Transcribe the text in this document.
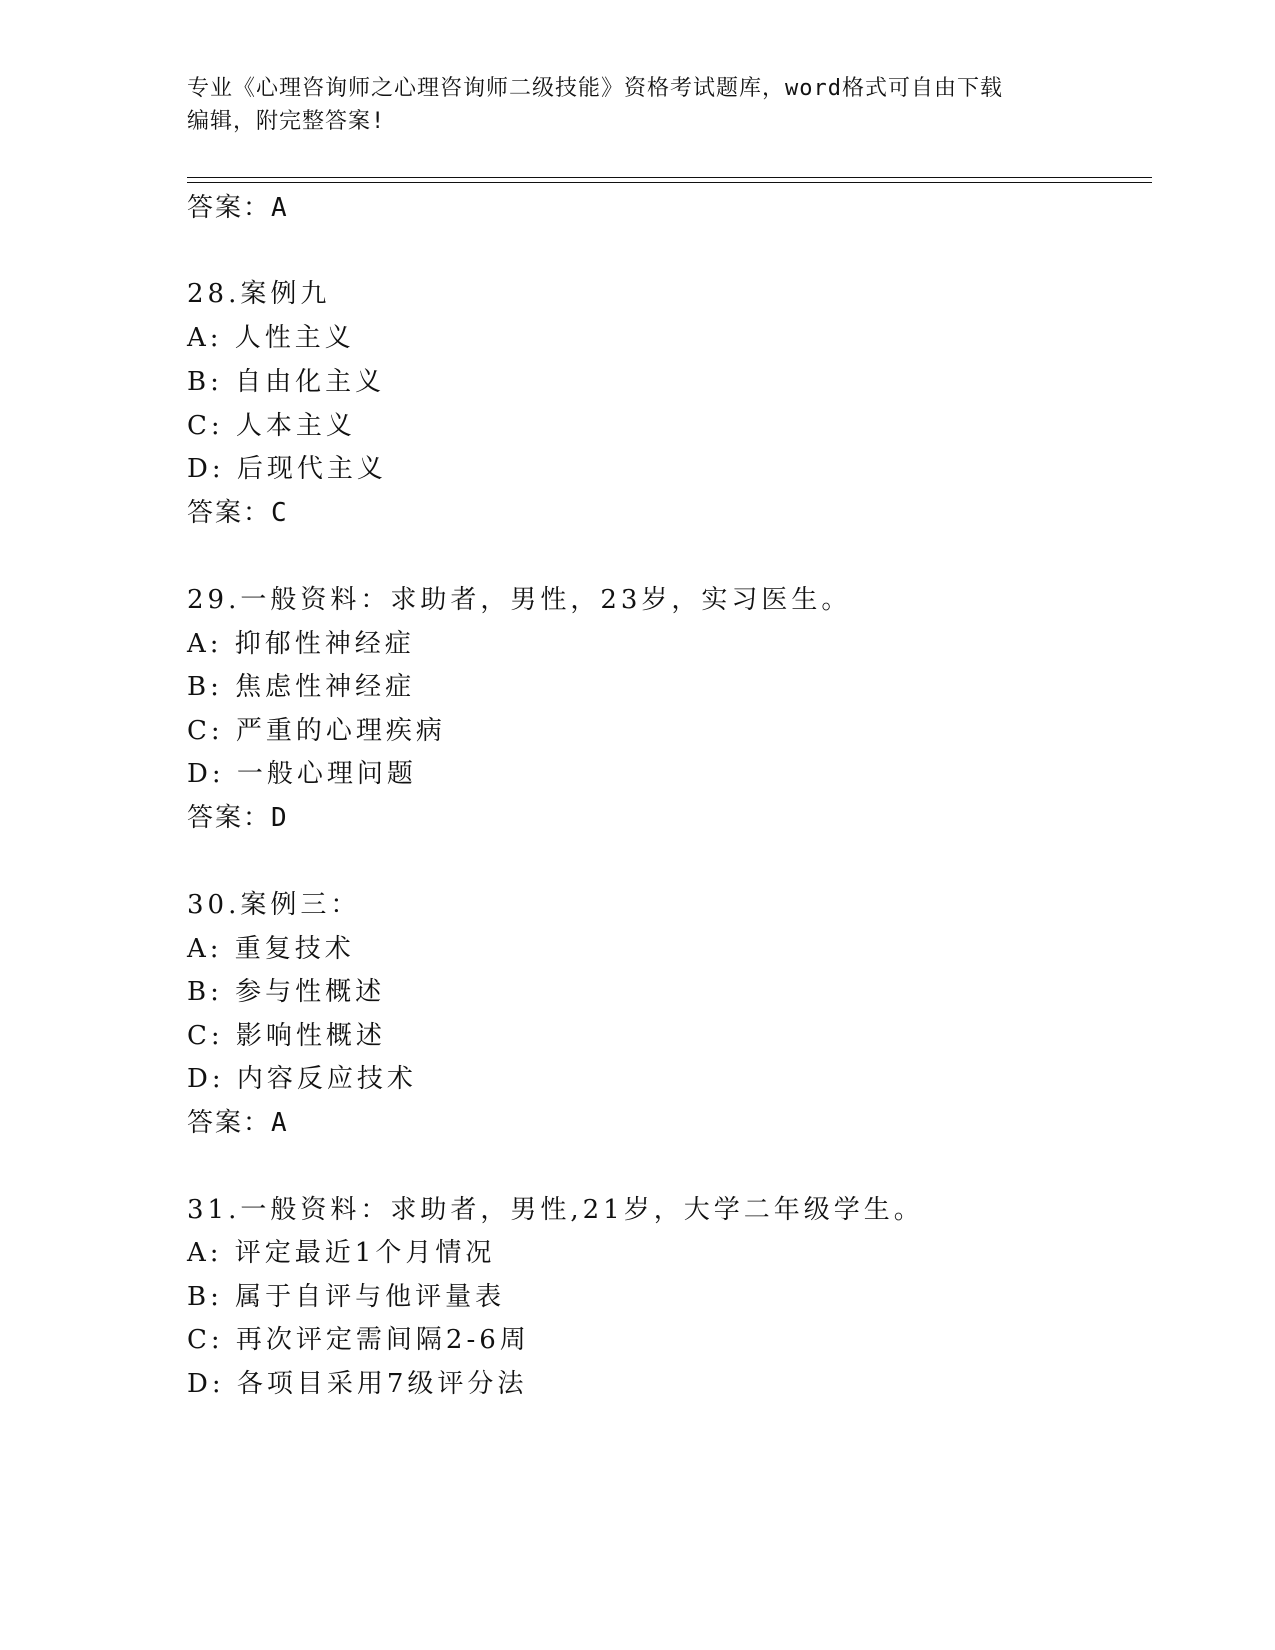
专业《心理咨询师之心理咨询师二级技能》资格考试题库，word格式可自由下载
编辑，附完整答案!
答案：A
28.案例九
A: 人性主义
B: 自由化主义
C: 人本主义
D: 后现代主义
答案：C
29.一般资料：求助者，男性，23岁，实习医生。
A: 抑郁性神经症
B: 焦虑性神经症
C: 严重的心理疾病
D: 一般心理问题
答案：D
30.案例三：
A: 重复技术
B: 参与性概述
C: 影响性概述
D: 内容反应技术
答案：A
31.一般资料：求助者，男性,21岁，大学二年级学生。
A: 评定最近1个月情况
B: 属于自评与他评量表
C: 再次评定需间隔2-6周
D: 各项目采用7级评分法
